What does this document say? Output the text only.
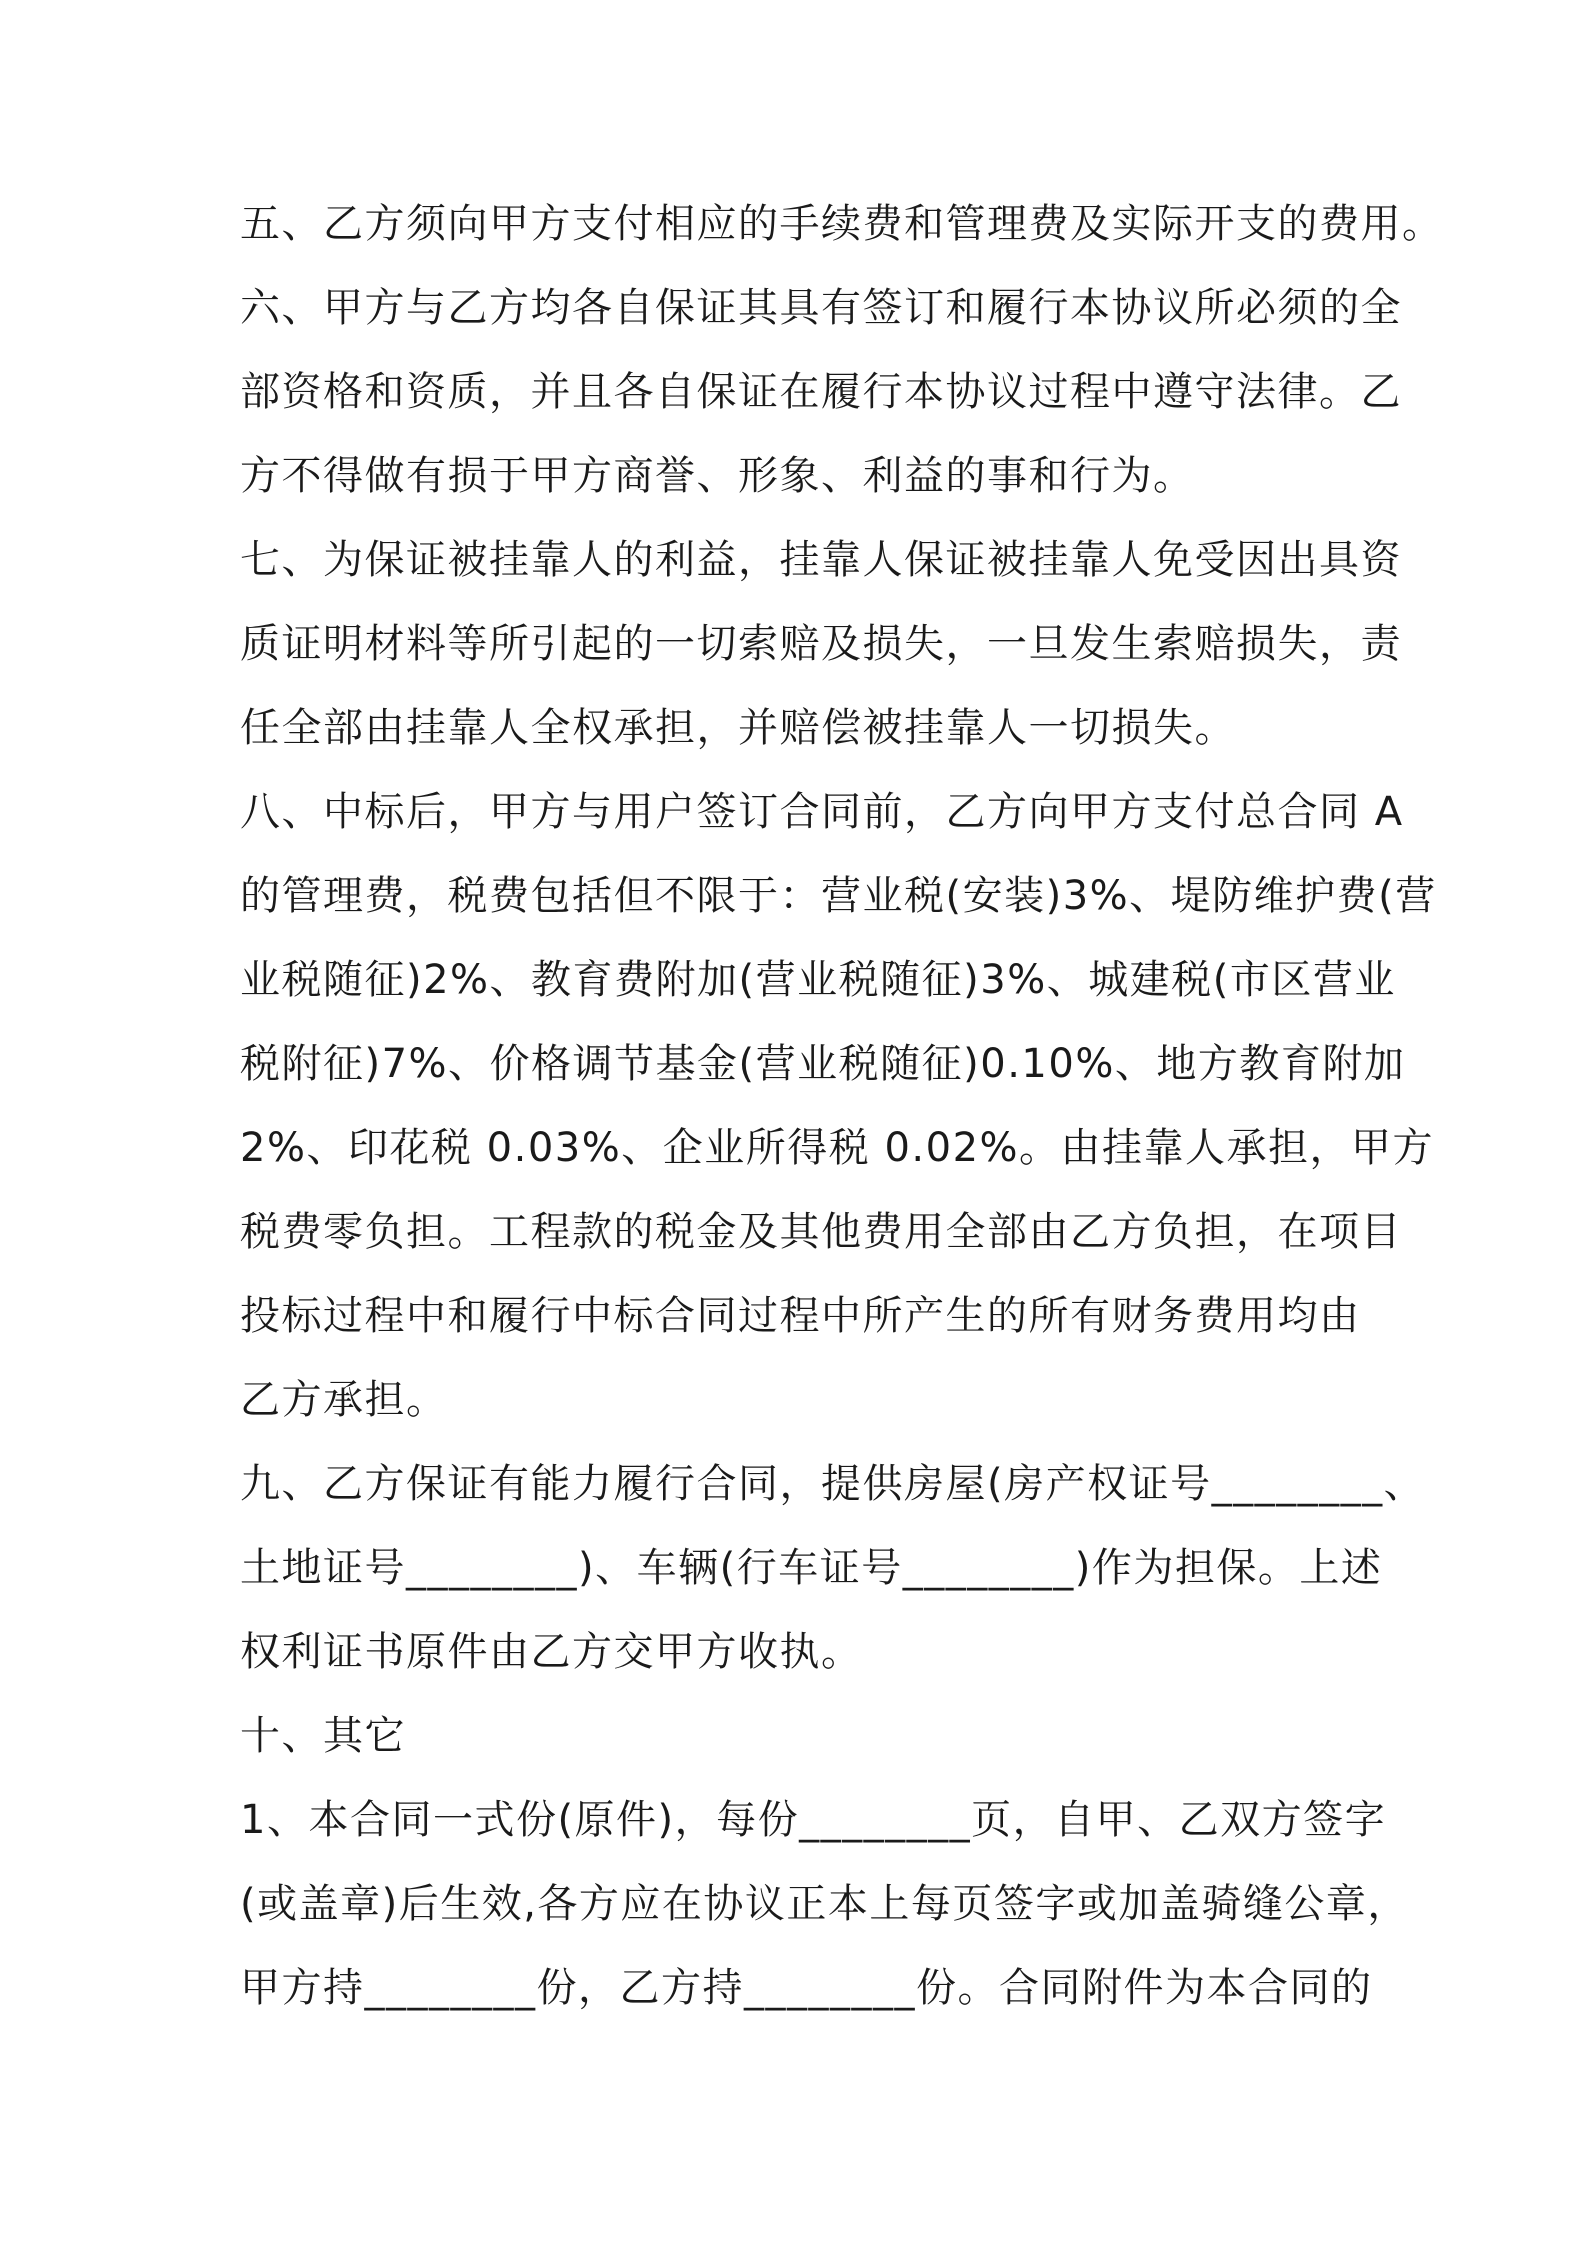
五、乙方须向甲方支付相应的手续费和管理费及实际开支的费用。
六、甲方与乙方均各自保证其具有签订和履行本协议所必须的全
部资格和资质，并且各自保证在履行本协议过程中遵守法律。乙
方不得做有损于甲方商誉、形象、利益的事和行为。
七、为保证被挂靠人的利益，挂靠人保证被挂靠人免受因出具资
质证明材料等所引起的一切索赔及损失，一旦发生索赔损失，责
任全部由挂靠人全权承担，并赔偿被挂靠人一切损失。
八、中标后，甲方与用户签订合同前，乙方向甲方支付总合同 A
的管理费，税费包括但不限于：营业税(安装)3%、堤防维护费(营
业税随征)2%、教育费附加(营业税随征)3%、城建税(市区营业
税附征)7%、价格调节基金(营业税随征)0.10%、地方教育附加
2%、印花税 0.03%、企业所得税 0.02%。由挂靠人承担，甲方
税费零负担。工程款的税金及其他费用全部由乙方负担，在项目
投标过程中和履行中标合同过程中所产生的所有财务费用均由
乙方承担。
九、乙方保证有能力履行合同，提供房屋(房产权证号________、
土地证号________)、车辆(行车证号________)作为担保。上述
权利证书原件由乙方交甲方收执。
十、其它
1、本合同一式份(原件)，每份________页，自甲、乙双方签字
(或盖章)后生效,各方应在协议正本上每页签字或加盖骑缝公章，
甲方持________份，乙方持________份。合同附件为本合同的
